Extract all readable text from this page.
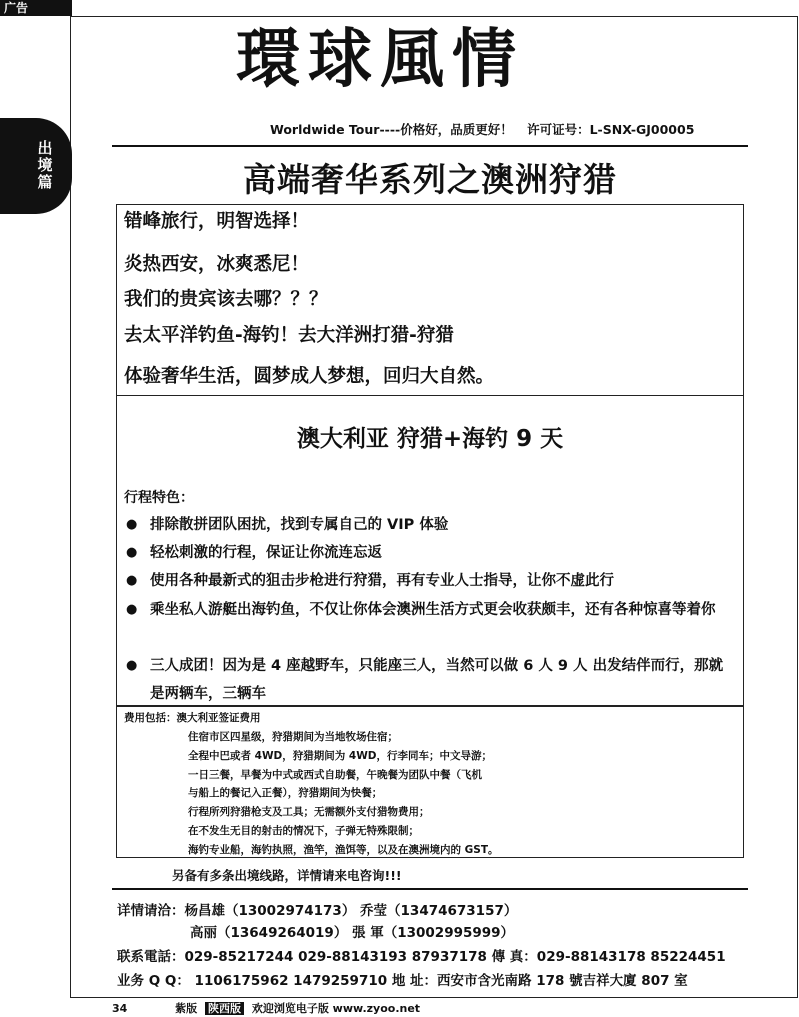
广告
出境篇
環球風情
Worldwide Tour----价格好，品质更好！ 许可证号：L-SNX-GJ00005
高端奢华系列之澳洲狩猎
错峰旅行，明智选择！
炎热西安，冰爽悉尼！
我们的贵宾该去哪？？？
去太平洋钓鱼-海钓！去大洋洲打猎-狩猎
体验奢华生活，圆梦成人梦想，回归大自然。
澳大利亚 狩猎+海钓 9 天
行程特色：
● 排除散拼团队困扰，找到专属自己的 VIP 体验
● 轻松刺激的行程，保证让你流连忘返
● 使用各种最新式的狙击步枪进行狩猎，再有专业人士指导，让你不虚此行
● 乘坐私人游艇出海钓鱼，不仅让你体会澳洲生活方式更会收获颇丰，还有各种惊喜等着你
● 三人成团！因为是 4 座越野车，只能座三人，当然可以做 6 人 9 人 出发结伴而行，那就是两辆车，三辆车
费用包括：澳大利亚签证费用
住宿市区四星级，狩猎期间为当地牧场住宿；
全程中巴或者 4WD，狩猎期间为 4WD，行李同车；中文导游；
一日三餐，早餐为中式或西式自助餐，午晚餐为团队中餐（飞机
与船上的餐记入正餐），狩猎期间为快餐；
行程所列狩猎枪支及工具；无需额外支付猎物费用；
在不发生无目的射击的情况下，子弹无特殊限制；
海钓专业船，海钓执照，渔竿，渔饵等，以及在澳洲境内的 GST。
另备有多条出境线路，详情请来电咨询!!!
详情请洽：杨昌雄（13002974173） 乔莹（13474673157）
高丽（13649264019） 張 軍（13002995999）
联系電話：029-85217244 029-88143193 87937178 傳 真：029-88143178 85224451
业务 Q Q： 1106175962 1479259710 地 址：西安市含光南路 178 號吉祥大廈 807 室
34	紫版 陕西版 欢迎浏览电子版 www.zyoo.net
